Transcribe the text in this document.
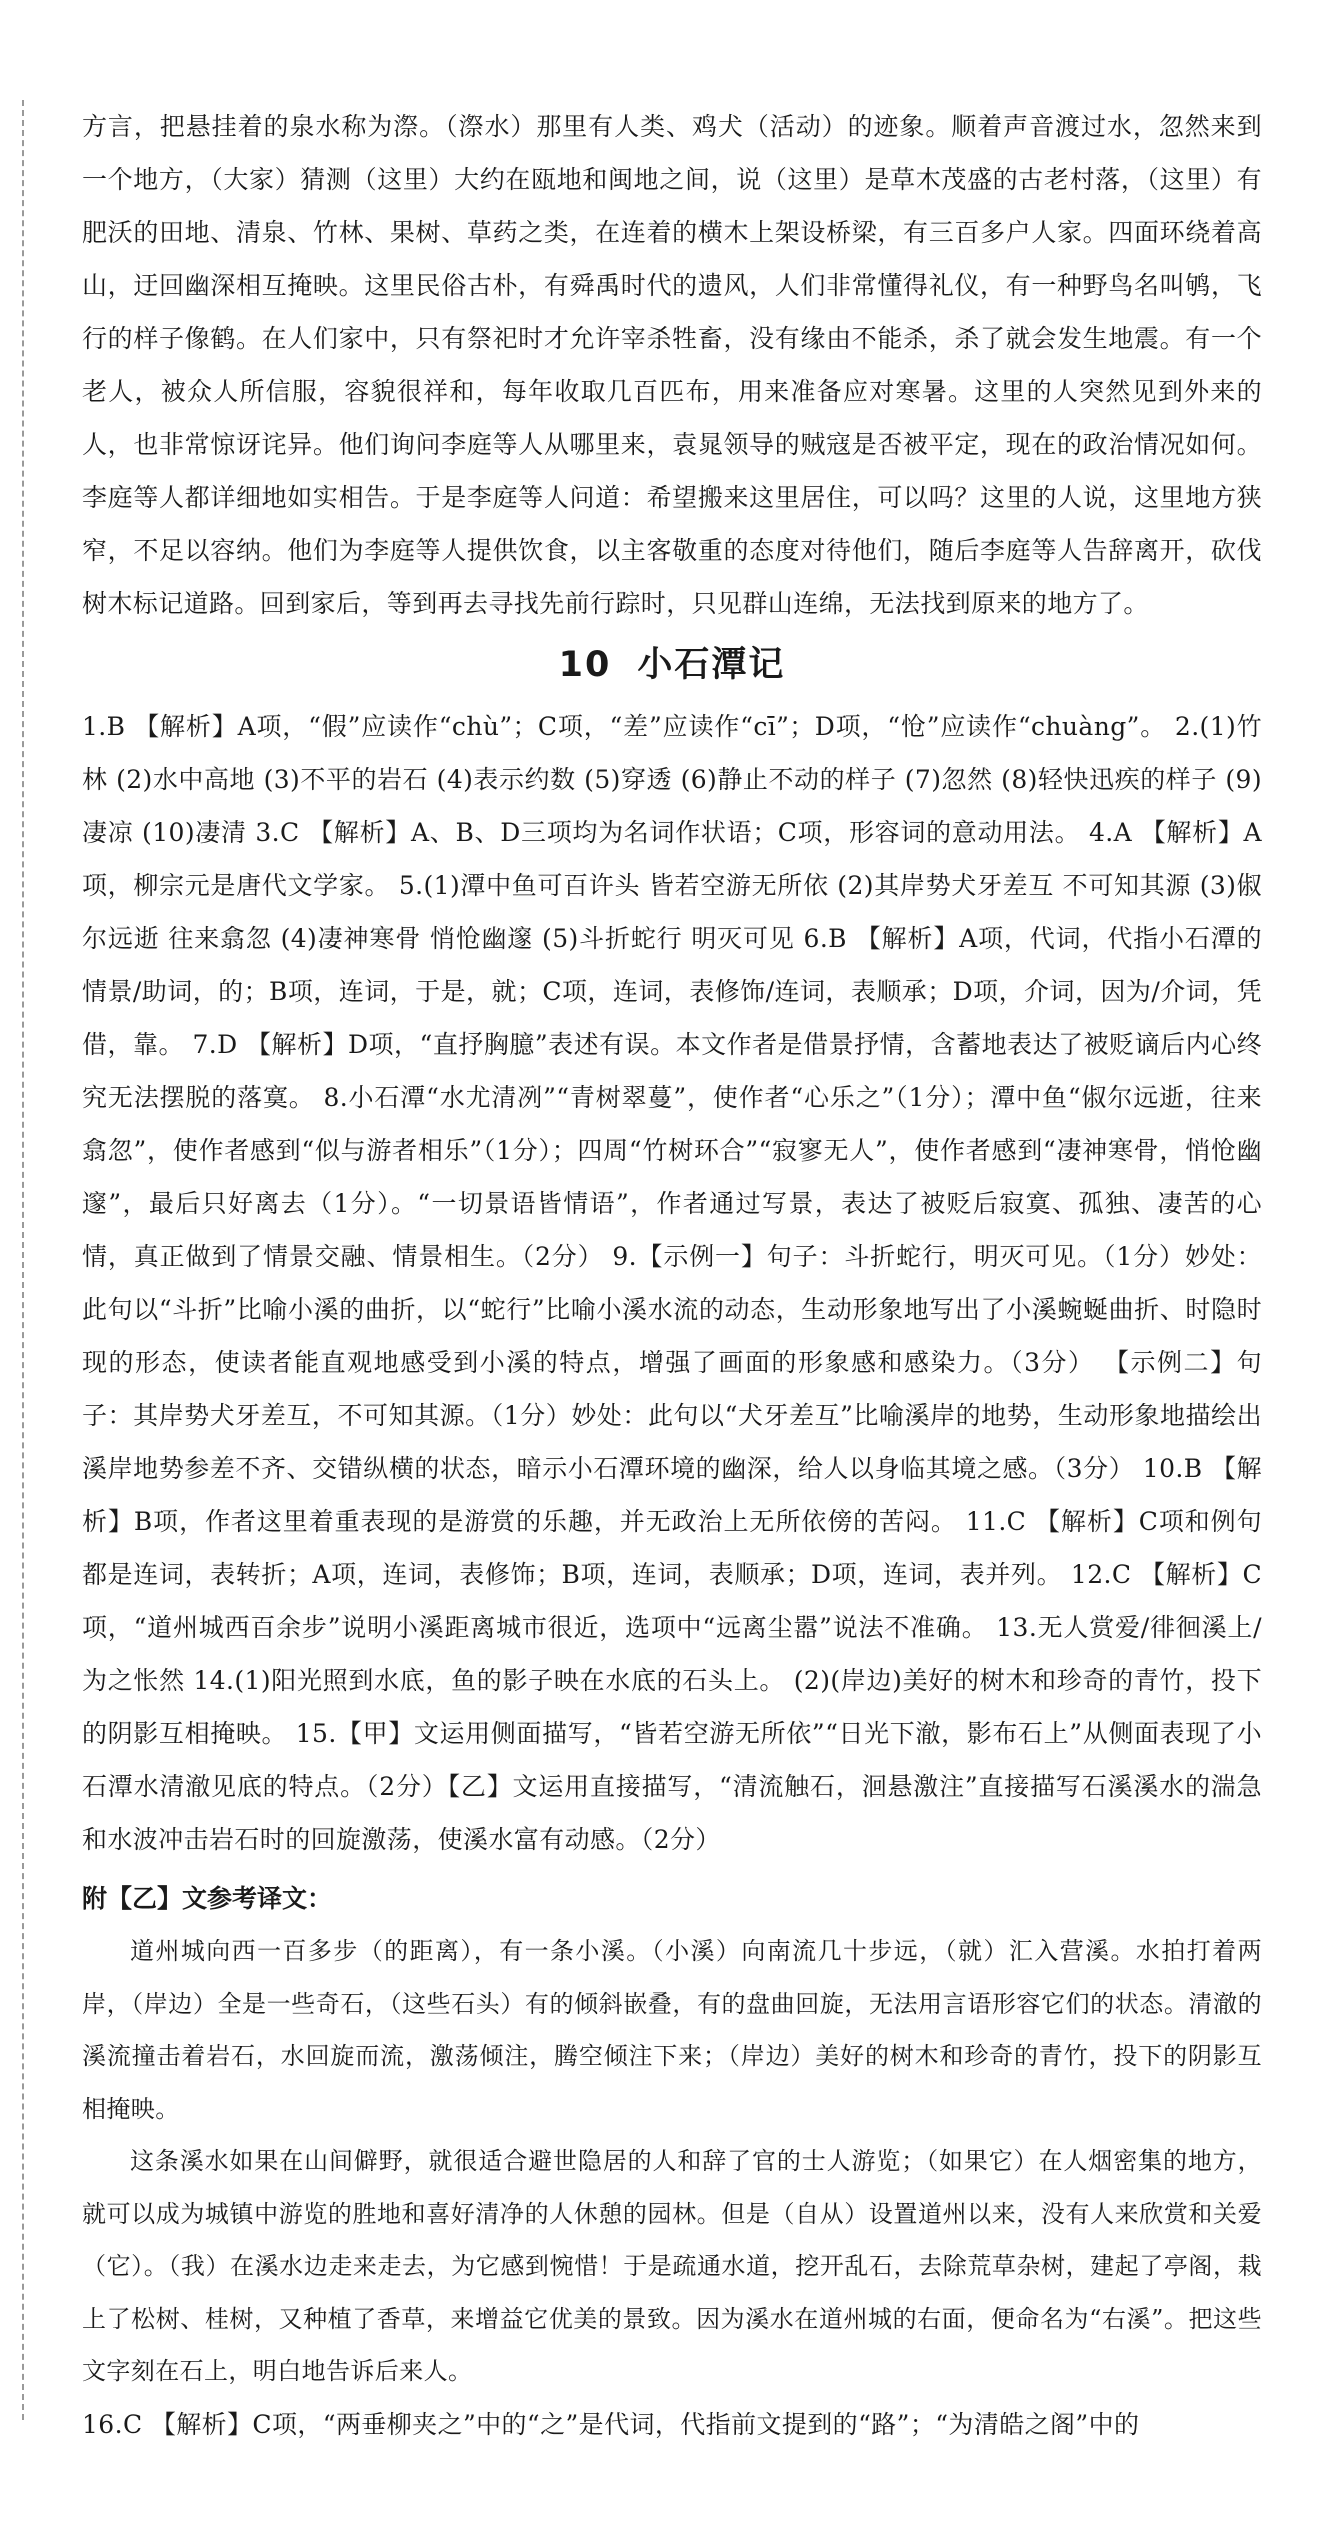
方言，把悬挂着的泉水称为漈。（漈水）那里有人类、鸡犬（活动）的迹象。顺着声音渡过水，忽然来到一个地方，（大家）猜测（这里）大约在瓯地和闽地之间，说（这里）是草木茂盛的古老村落，（这里）有肥沃的田地、清泉、竹林、果树、草药之类，在连着的横木上架设桥梁，有三百多户人家。四面环绕着高山，迂回幽深相互掩映。这里民俗古朴，有舜禹时代的遗风，人们非常懂得礼仪，有一种野鸟名叫鸲，飞行的样子像鹤。在人们家中，只有祭祀时才允许宰杀牲畜，没有缘由不能杀，杀了就会发生地震。有一个老人，被众人所信服，容貌很祥和，每年收取几百匹布，用来准备应对寒暑。这里的人突然见到外来的人，也非常惊讶诧异。他们询问李庭等人从哪里来，袁晁领导的贼寇是否被平定，现在的政治情况如何。李庭等人都详细地如实相告。于是李庭等人问道：希望搬来这里居住，可以吗？这里的人说，这里地方狭窄，不足以容纳。他们为李庭等人提供饮食，以主客敬重的态度对待他们，随后李庭等人告辞离开，砍伐树木标记道路。回到家后，等到再去寻找先前行踪时，只见群山连绵，无法找到原来的地方了。

10 小石潭记

1.B 【解析】A项，“假”应读作“chù”；C项，“差”应读作“cī”；D项，“怆”应读作“chuàng”。 2.(1)竹林 (2)水中高地 (3)不平的岩石 (4)表示约数 (5)穿透 (6)静止不动的样子 (7)忽然 (8)轻快迅疾的样子 (9)凄凉 (10)凄清 3.C 【解析】A、B、D三项均为名词作状语；C项，形容词的意动用法。 4.A 【解析】A项，柳宗元是唐代文学家。 5.(1)潭中鱼可百许头 皆若空游无所依 (2)其岸势犬牙差互 不可知其源 (3)俶尔远逝 往来翕忽 (4)凄神寒骨 悄怆幽邃 (5)斗折蛇行 明灭可见 6.B 【解析】A项，代词，代指小石潭的情景/助词，的；B项，连词，于是，就；C项，连词，表修饰/连词，表顺承；D项，介词，因为/介词，凭借，靠。 7.D 【解析】D项，“直抒胸臆”表述有误。本文作者是借景抒情，含蓄地表达了被贬谪后内心终究无法摆脱的落寞。 8.小石潭“水尤清冽”“青树翠蔓”，使作者“心乐之”（1分）；潭中鱼“俶尔远逝，往来翕忽”，使作者感到“似与游者相乐”（1分）；四周“竹树环合”“寂寥无人”，使作者感到“凄神寒骨，悄怆幽邃”，最后只好离去（1分）。“一切景语皆情语”，作者通过写景，表达了被贬后寂寞、孤独、凄苦的心情，真正做到了情景交融、情景相生。（2分） 9.【示例一】句子：斗折蛇行，明灭可见。（1分）妙处：此句以“斗折”比喻小溪的曲折，以“蛇行”比喻小溪水流的动态，生动形象地写出了小溪蜿蜒曲折、时隐时现的形态，使读者能直观地感受到小溪的特点，增强了画面的形象感和感染力。（3分） 【示例二】句子：其岸势犬牙差互，不可知其源。（1分）妙处：此句以“犬牙差互”比喻溪岸的地势，生动形象地描绘出溪岸地势参差不齐、交错纵横的状态，暗示小石潭环境的幽深，给人以身临其境之感。（3分） 10.B 【解析】B项，作者这里着重表现的是游赏的乐趣，并无政治上无所依傍的苦闷。 11.C 【解析】C项和例句都是连词，表转折；A项，连词，表修饰；B项，连词，表顺承；D项，连词，表并列。 12.C 【解析】C项，“道州城西百余步”说明小溪距离城市很近，选项中“远离尘嚣”说法不准确。 13.无人赏爱/徘徊溪上/为之怅然 14.(1)阳光照到水底，鱼的影子映在水底的石头上。 (2)(岸边)美好的树木和珍奇的青竹，投下的阴影互相掩映。 15.【甲】文运用侧面描写，“皆若空游无所依”“日光下澈，影布石上”从侧面表现了小石潭水清澈见底的特点。（2分）【乙】文运用直接描写，“清流触石，洄悬激注”直接描写石溪溪水的湍急和水波冲击岩石时的回旋激荡，使溪水富有动感。（2分）

附【乙】文参考译文：

道州城向西一百多步（的距离），有一条小溪。（小溪）向南流几十步远，（就）汇入营溪。水拍打着两岸，（岸边）全是一些奇石，（这些石头）有的倾斜嵌叠，有的盘曲回旋，无法用言语形容它们的状态。清澈的溪流撞击着岩石，水回旋而流，激荡倾注，腾空倾注下来；（岸边）美好的树木和珍奇的青竹，投下的阴影互相掩映。

这条溪水如果在山间僻野，就很适合避世隐居的人和辞了官的士人游览；（如果它）在人烟密集的地方，就可以成为城镇中游览的胜地和喜好清净的人休憩的园林。但是（自从）设置道州以来，没有人来欣赏和关爱（它）。（我）在溪水边走来走去，为它感到惋惜！于是疏通水道，挖开乱石，去除荒草杂树，建起了亭阁，栽上了松树、桂树，又种植了香草，来增益它优美的景致。因为溪水在道州城的右面，便命名为“右溪”。把这些文字刻在石上，明白地告诉后来人。

16.C 【解析】C项，“两垂柳夹之”中的“之”是代词，代指前文提到的“路”；“为清皓之阁”中的
